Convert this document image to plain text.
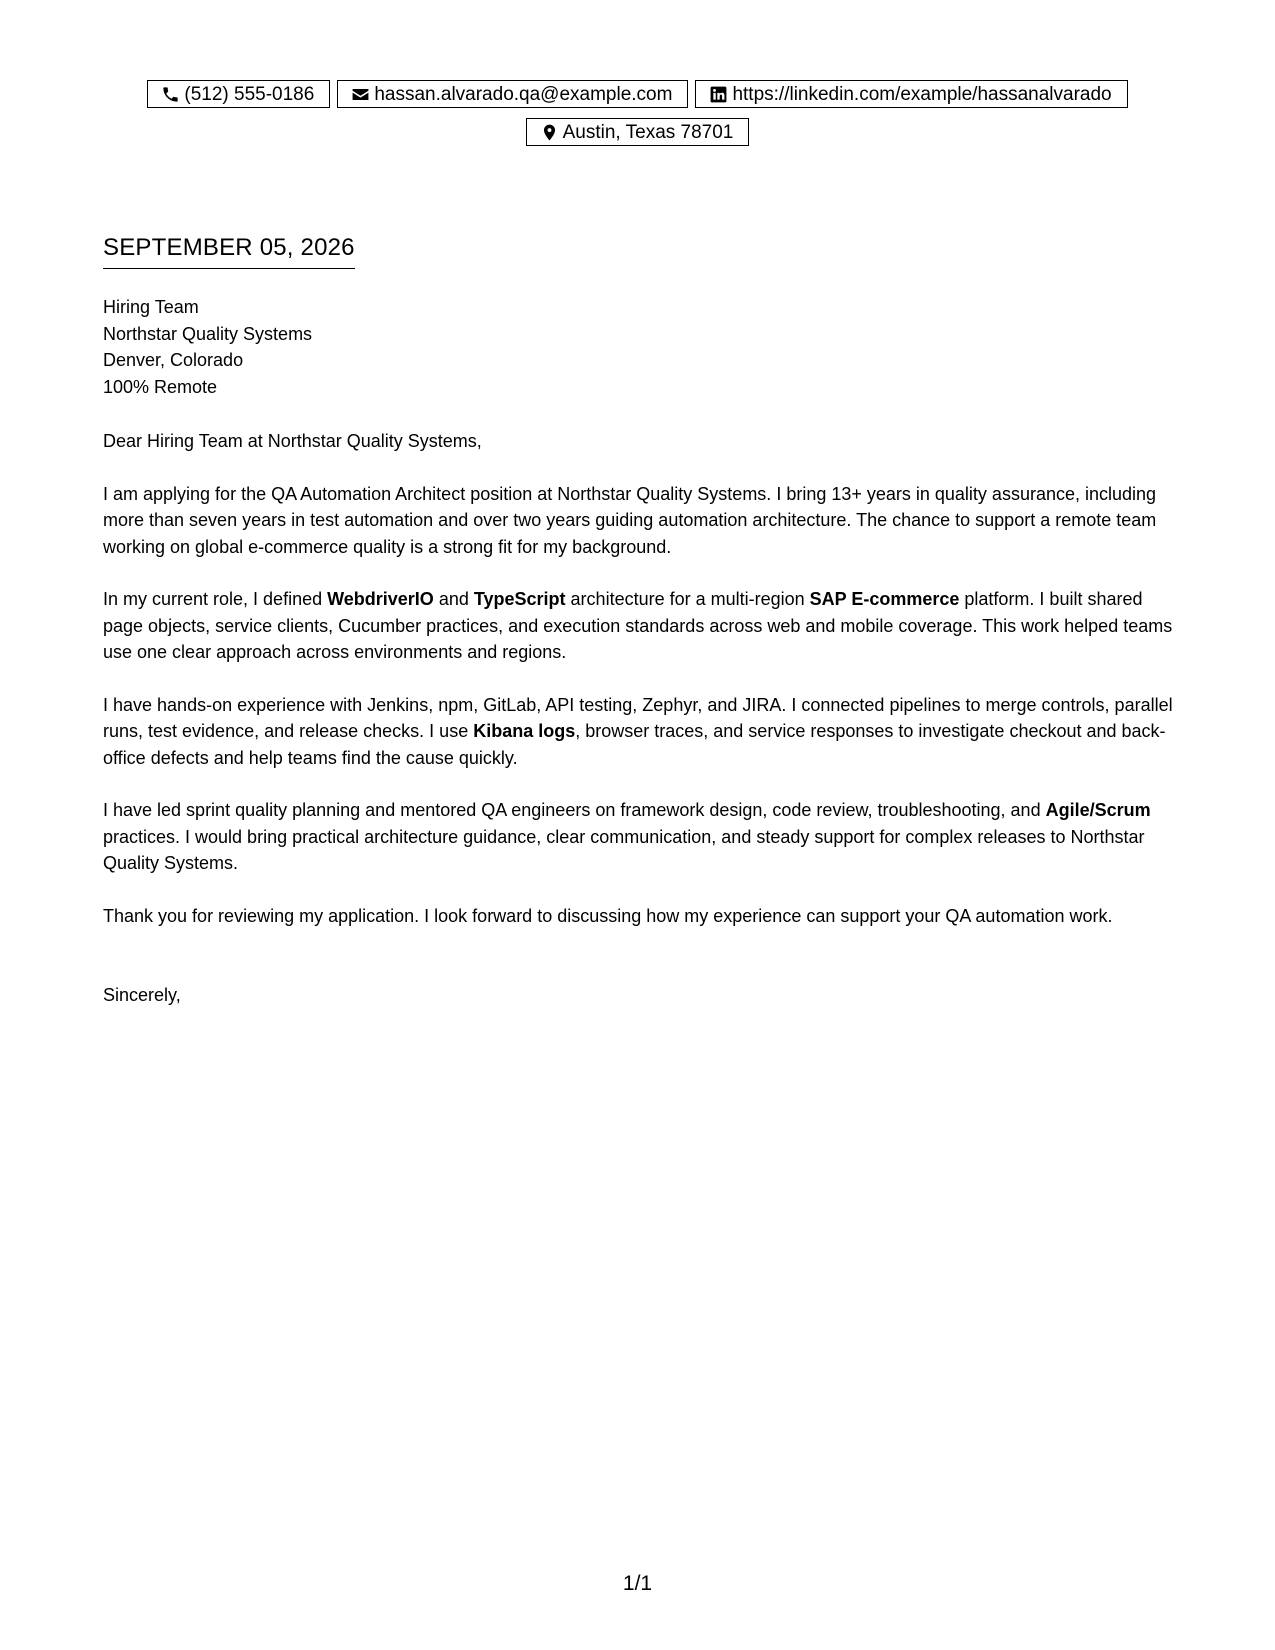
(512) 555-0186	hassan.alvarado.qa@example.com	https://linkedin.com/example/hassanalvarado
Austin, Texas 78701
SEPTEMBER 05, 2026
Hiring Team
Northstar Quality Systems
Denver, Colorado
100% Remote

Dear Hiring Team at Northstar Quality Systems,

I am applying for the QA Automation Architect position at Northstar Quality Systems. I bring 13+ years in quality assurance, including more than seven years in test automation and over two years guiding automation architecture. The chance to support a remote team working on global e-commerce quality is a strong fit for my background.

In my current role, I defined WebdriverIO and TypeScript architecture for a multi-region SAP E-commerce platform. I built shared page objects, service clients, Cucumber practices, and execution standards across web and mobile coverage. This work helped teams use one clear approach across environments and regions.

I have hands-on experience with Jenkins, npm, GitLab, API testing, Zephyr, and JIRA. I connected pipelines to merge controls, parallel runs, test evidence, and release checks. I use Kibana logs, browser traces, and service responses to investigate checkout and back-office defects and help teams find the cause quickly.

I have led sprint quality planning and mentored QA engineers on framework design, code review, troubleshooting, and Agile/Scrum practices. I would bring practical architecture guidance, clear communication, and steady support for complex releases to Northstar Quality Systems.

Thank you for reviewing my application. I look forward to discussing how my experience can support your QA automation work.

Sincerely,
1/1
